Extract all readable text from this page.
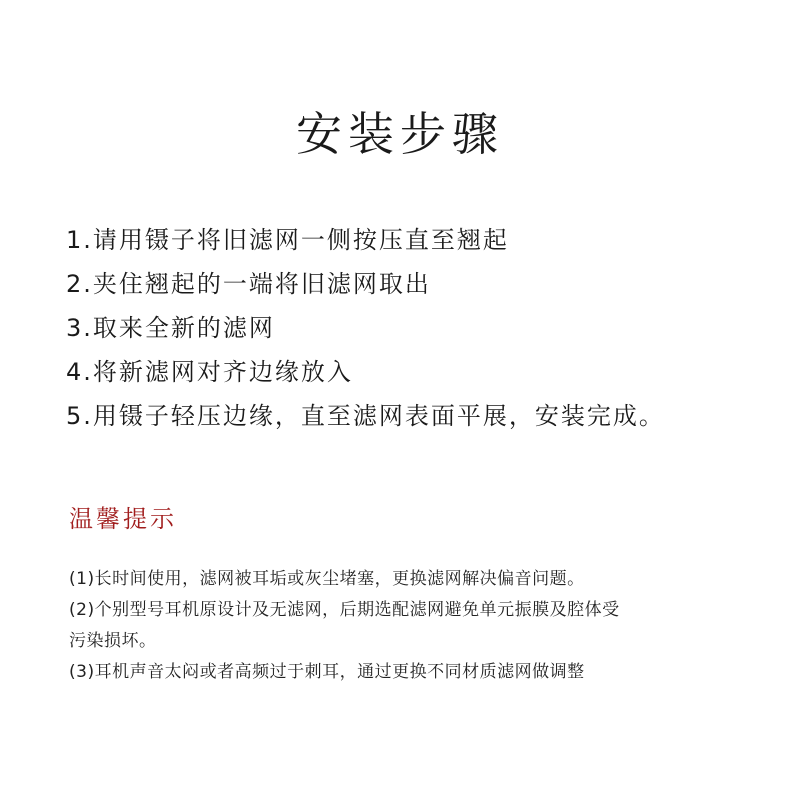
安装步骤
1.请用镊子将旧滤网一侧按压直至翘起
2.夹住翘起的一端将旧滤网取出
3.取来全新的滤网
4.将新滤网对齐边缘放入
5.用镊子轻压边缘，直至滤网表面平展，安装完成。
温馨提示
(1)长时间使用，滤网被耳垢或灰尘堵塞，更换滤网解决偏音问题。
(2)个别型号耳机原设计及无滤网，后期选配滤网避免单元振膜及腔体受
污染损坏。
(3)耳机声音太闷或者高频过于刺耳，通过更换不同材质滤网做调整
